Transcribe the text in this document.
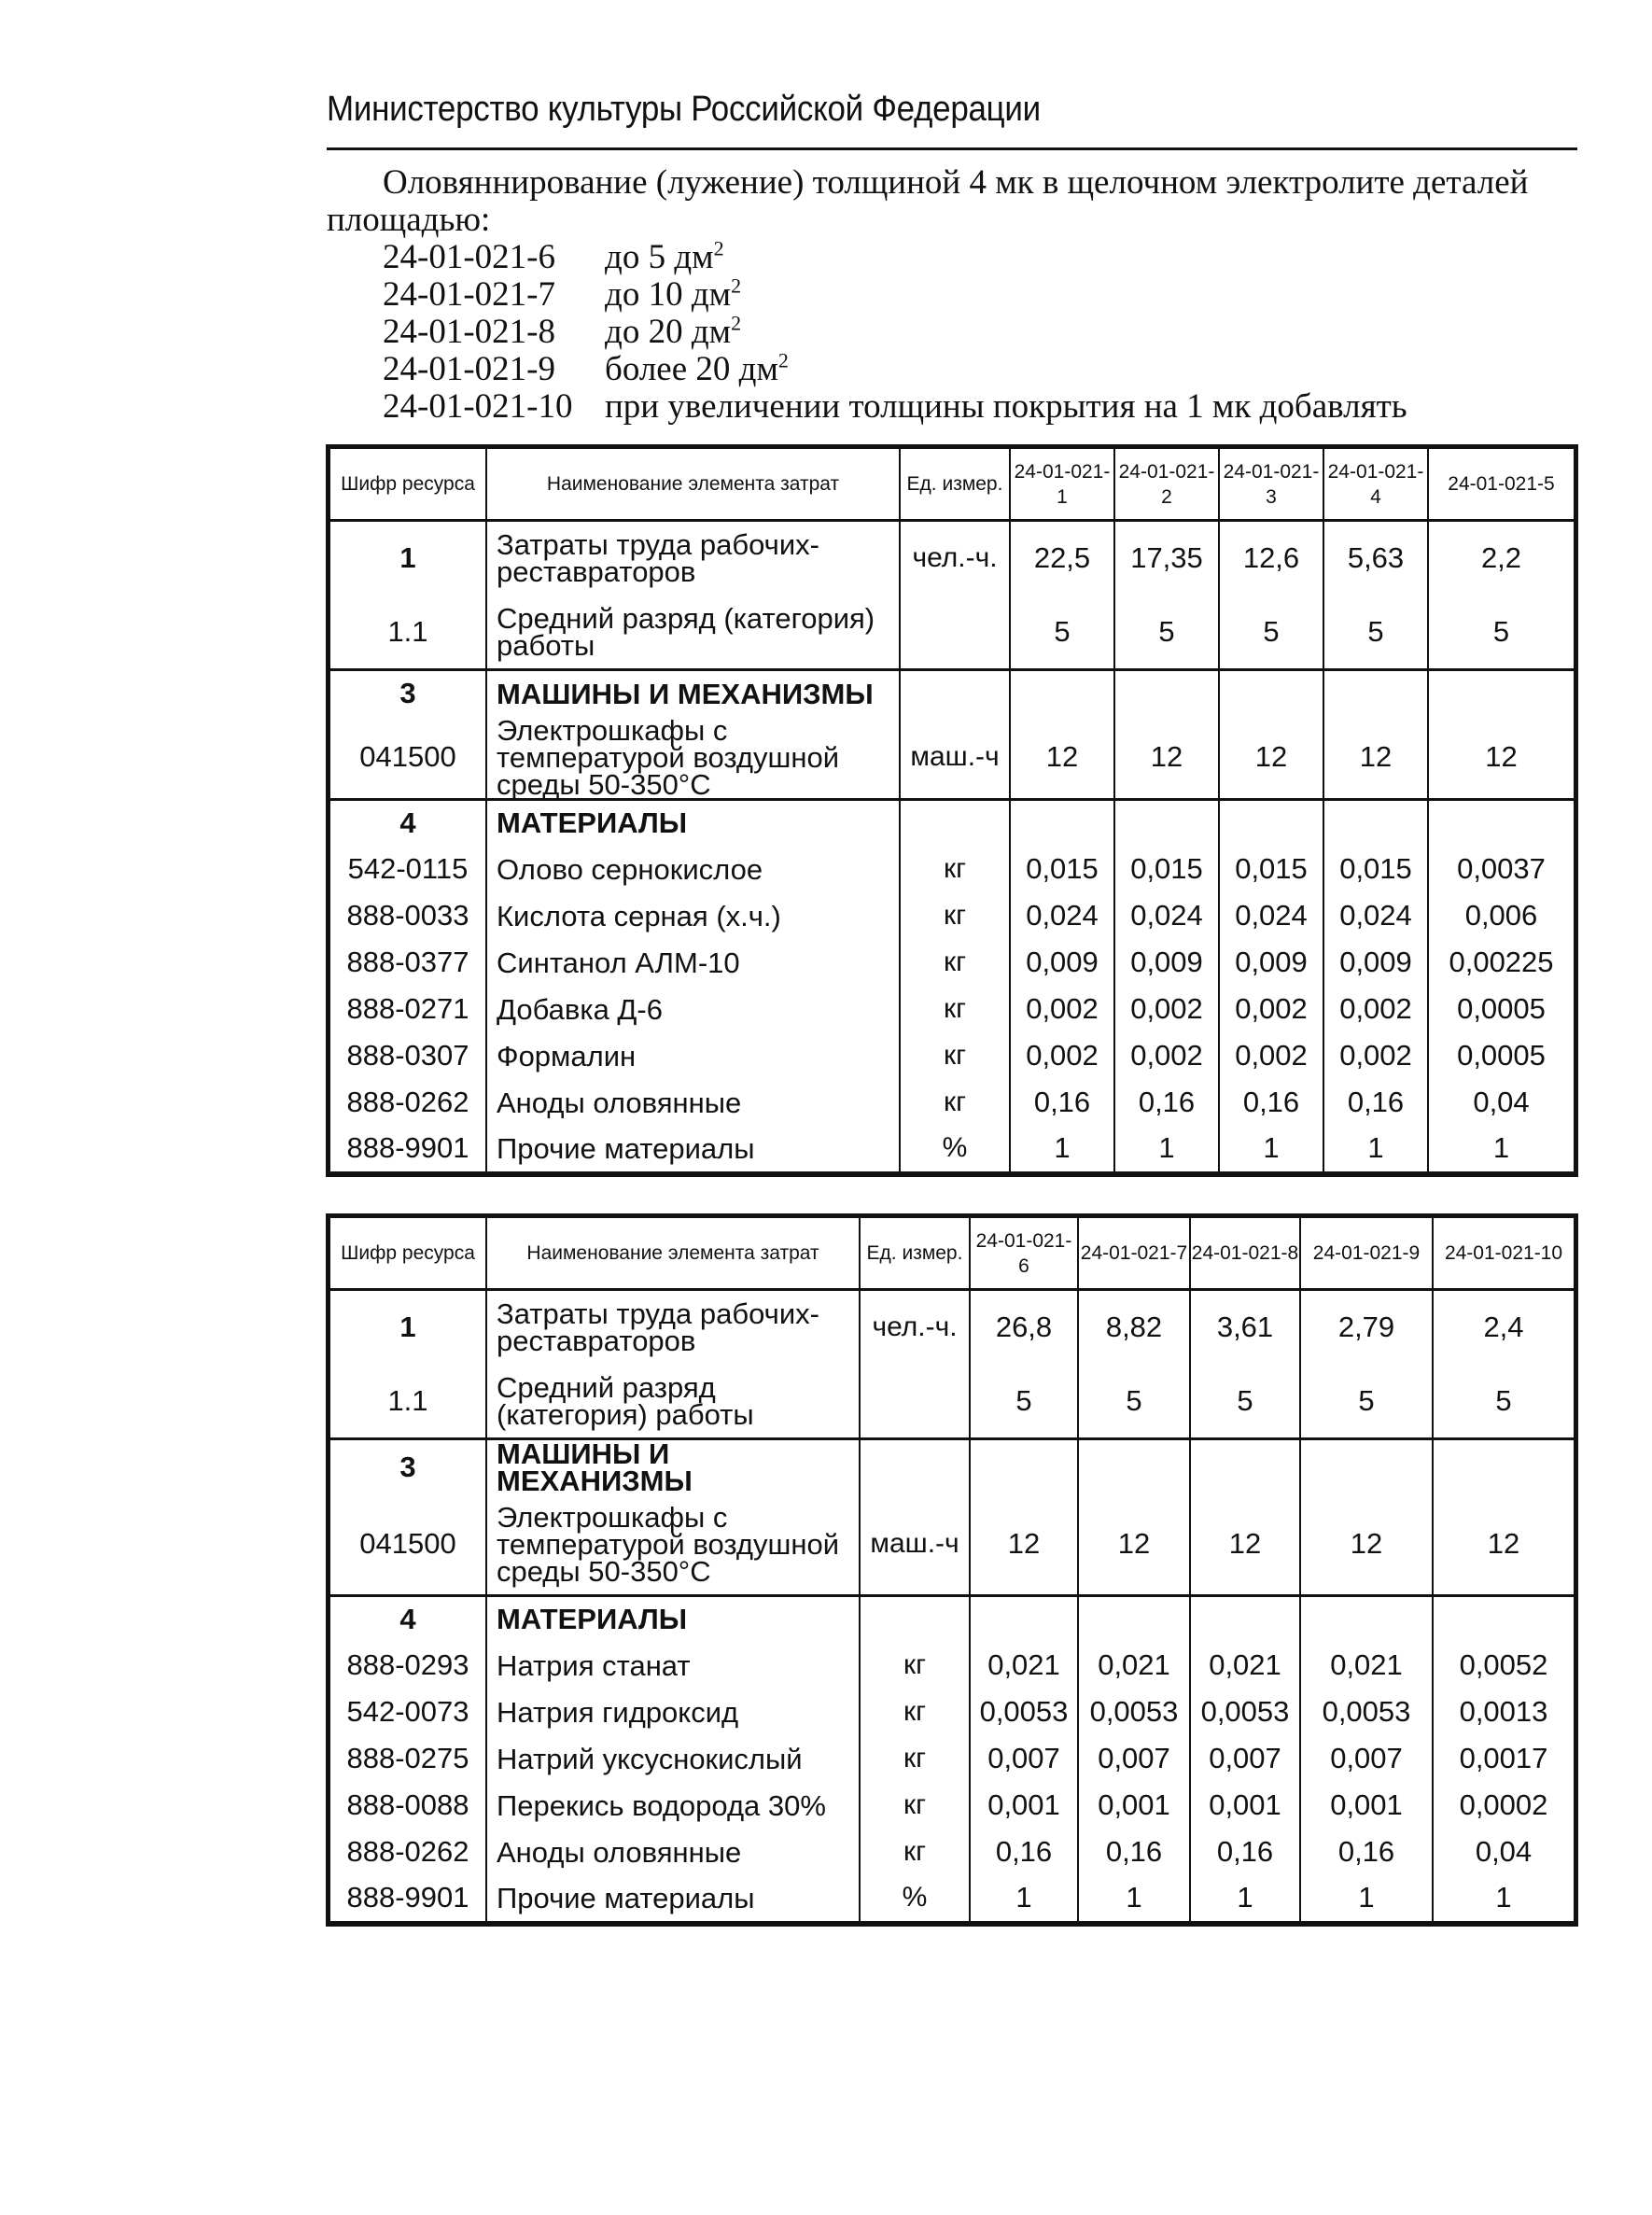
Министерство культуры Российской Федерации

Оловяннирование (лужение) толщиной 4 мк в щелочном электролите деталей площадью:

24-01-021-6 до 5 $дм^2$
24-01-021-7 до 10 $дм^2$
24-01-021-8 до 20 $дм^2$
24-01-021-9 более 20 $дм^2$
24-01-021-10 при увеличении толщины покрытия на 1 мк добавлять
Шифр ресурса	Наименование элемента затрат	Ед. измер.	24-01-021-1	24-01-021-2	24-01-021-3	24-01-021-4	24-01-021-5
1	Затраты труда рабочих-реставраторов	чел.-ч.	22,5	17,35	12,6	5,63	2,2
1.1	Средний разряд (категория) работы		5	5	5	5	5
3	МАШИНЫ И МЕХАНИЗМЫ						
041500	Электрошкафы с температурой воздушной среды 50-350°С	маш.-ч	12	12	12	12	12
4	МАТЕРИАЛЫ						
542-0115	Олово сернокислое	кг	0,015	0,015	0,015	0,015	0,0037
888-0033	Кислота серная (х.ч.)	кг	0,024	0,024	0,024	0,024	0,006
888-0377	Синтанол АЛМ-10	кг	0,009	0,009	0,009	0,009	0,00225
888-0271	Добавка Д-6	кг	0,002	0,002	0,002	0,002	0,0005
888-0307	Формалин	кг	0,002	0,002	0,002	0,002	0,0005
888-0262	Аноды оловянные	кг	0,16	0,16	0,16	0,16	0,04
888-9901	Прочие материалы	%	1	1	1	1	1
Шифр ресурса	Наименование элемента затрат	Ед. измер.	24-01-021-6	24-01-021-7	24-01-021-8	24-01-021-9	24-01-021-10
1	Затраты труда рабочих-реставраторов	чел.-ч.	26,8	8,82	3,61	2,79	2,4
1.1	Средний разряд (категория) работы		5	5	5	5	5
3	МАШИНЫ И МЕХАНИЗМЫ						
041500	Электрошкафы с температурой воздушной среды 50-350°С	маш.-ч	12	12	12	12	12
4	МАТЕРИАЛЫ						
888-0293	Натрия станат	кг	0,021	0,021	0,021	0,021	0,0052
542-0073	Натрия гидроксид	кг	0,0053	0,0053	0,0053	0,0053	0,0013
888-0275	Натрий уксуснокислый	кг	0,007	0,007	0,007	0,007	0,0017
888-0088	Перекись водорода 30%	кг	0,001	0,001	0,001	0,001	0,0002
888-0262	Аноды оловянные	кг	0,16	0,16	0,16	0,16	0,04
888-9901	Прочие материалы	%	1	1	1	1	1
